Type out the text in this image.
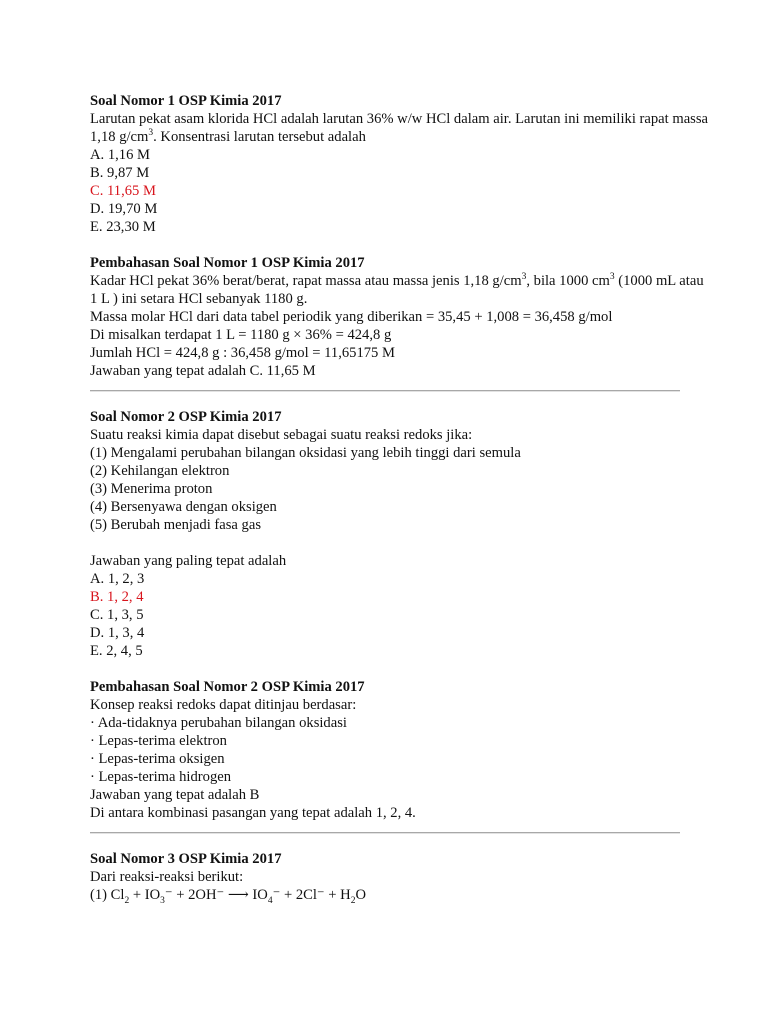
Soal Nomor 1 OSP Kimia 2017
Larutan pekat asam klorida HCl adalah larutan 36% w/w HCl dalam air. Larutan ini memiliki rapat massa 1,18 $g/cm^3$. Konsentrasi larutan tersebut adalah
A. 1,16 M
B. 9,87 M
C. 11,65 M
D. 19,70 M
E. 23,30 M
Pembahasan Soal Nomor 1 OSP Kimia 2017
Kadar HCl pekat 36% berat/berat, rapat massa atau massa jenis 1,18 $g/cm^3$, bila 1000 $cm^3$ (1000 mL atau 1 L ) ini setara HCl sebanyak 1180 g.
Massa molar HCl dari data tabel periodik yang diberikan = 35,45 + 1,008 = 36,458 g/mol
Di misalkan terdapat 1 L = 1180 g × 36% = 424,8 g
Jumlah HCl = 424,8 g : 36,458 g/mol = 11,65175 M
Jawaban yang tepat adalah C. 11,65 M
Soal Nomor 2 OSP Kimia 2017
Suatu reaksi kimia dapat disebut sebagai suatu reaksi redoks jika:
(1) Mengalami perubahan bilangan oksidasi yang lebih tinggi dari semula
(2) Kehilangan elektron
(3) Menerima proton
(4) Bersenyawa dengan oksigen
(5) Berubah menjadi fasa gas
Jawaban yang paling tepat adalah
A. 1, 2, 3
B. 1, 2, 4
C. 1, 3, 5
D. 1, 3, 4
E. 2, 4, 5
Pembahasan Soal Nomor 2 OSP Kimia 2017
Konsep reaksi redoks dapat ditinjau berdasar:
· Ada-tidaknya perubahan bilangan oksidasi
· Lepas-terima elektron
· Lepas-terima oksigen
· Lepas-terima hidrogen
Jawaban yang tepat adalah B
Di antara kombinasi pasangan yang tepat adalah 1, 2, 4.
Soal Nomor 3 OSP Kimia 2017
Dari reaksi-reaksi berikut:
(1) $Cl_2 + IO_3^- + 2OH^-$ ⟶ $IO_4^- + 2Cl^- + H_2O$
